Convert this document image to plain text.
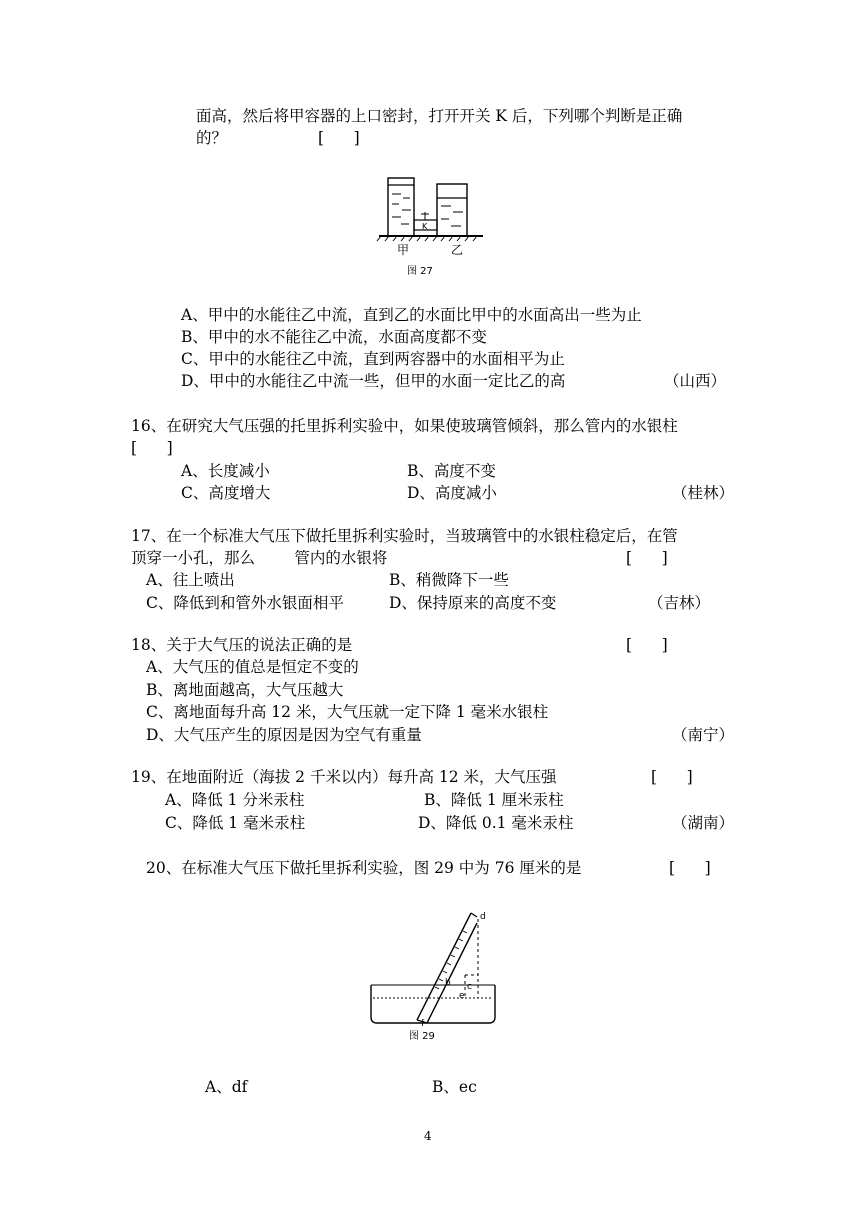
面高，然后将甲容器的上口密封，打开开关 K 后，下列哪个判断是正确
的？	[      ]
K
甲	乙
图 27
A、甲中的水能往乙中流，直到乙的水面比甲中的水面高出一些为止
B、甲中的水不能往乙中流，水面高度都不变
C、甲中的水能往乙中流，直到两容器中的水面相平为止
D、甲中的水能往乙中流一些，但甲的水面一定比乙的高	（山西）
16、在研究大气压强的托里拆利实验中，如果使玻璃管倾斜，那么管内的水银柱
[      ]
A、长度减小	B、高度不变
C、高度增大	D、高度减小	（桂林）
17、在一个标准大气压下做托里拆利实验时，当玻璃管中的水银柱稳定后，在管
顶穿一小孔，那么        管内的水银将	[      ]
A、往上喷出	B、稍微降下一些
C、降低到和管外水银面相平	D、保持原来的高度不变	（吉林）
18、关于大气压的说法正确的是	[      ]
A、大气压的值总是恒定不变的
B、离地面越高，大气压越大
C、离地面每升高 12 米，大气压就一定下降 1 毫米水银柱
D、大气压产生的原因是因为空气有重量	（南宁）
19、在地面附近（海拔 2 千米以内）每升高 12 米，大气压强	[      ]
A、降低 1 分米汞柱	B、降低 1 厘米汞柱
C、降低 1 毫米汞柱	D、降低 0.1 毫米汞柱	（湖南）
20、在标准大气压下做托里拆利实验，图 29 中为 76 厘米的是	[      ]
d
b c
e
f
图 29
A、df	B、ec
4
